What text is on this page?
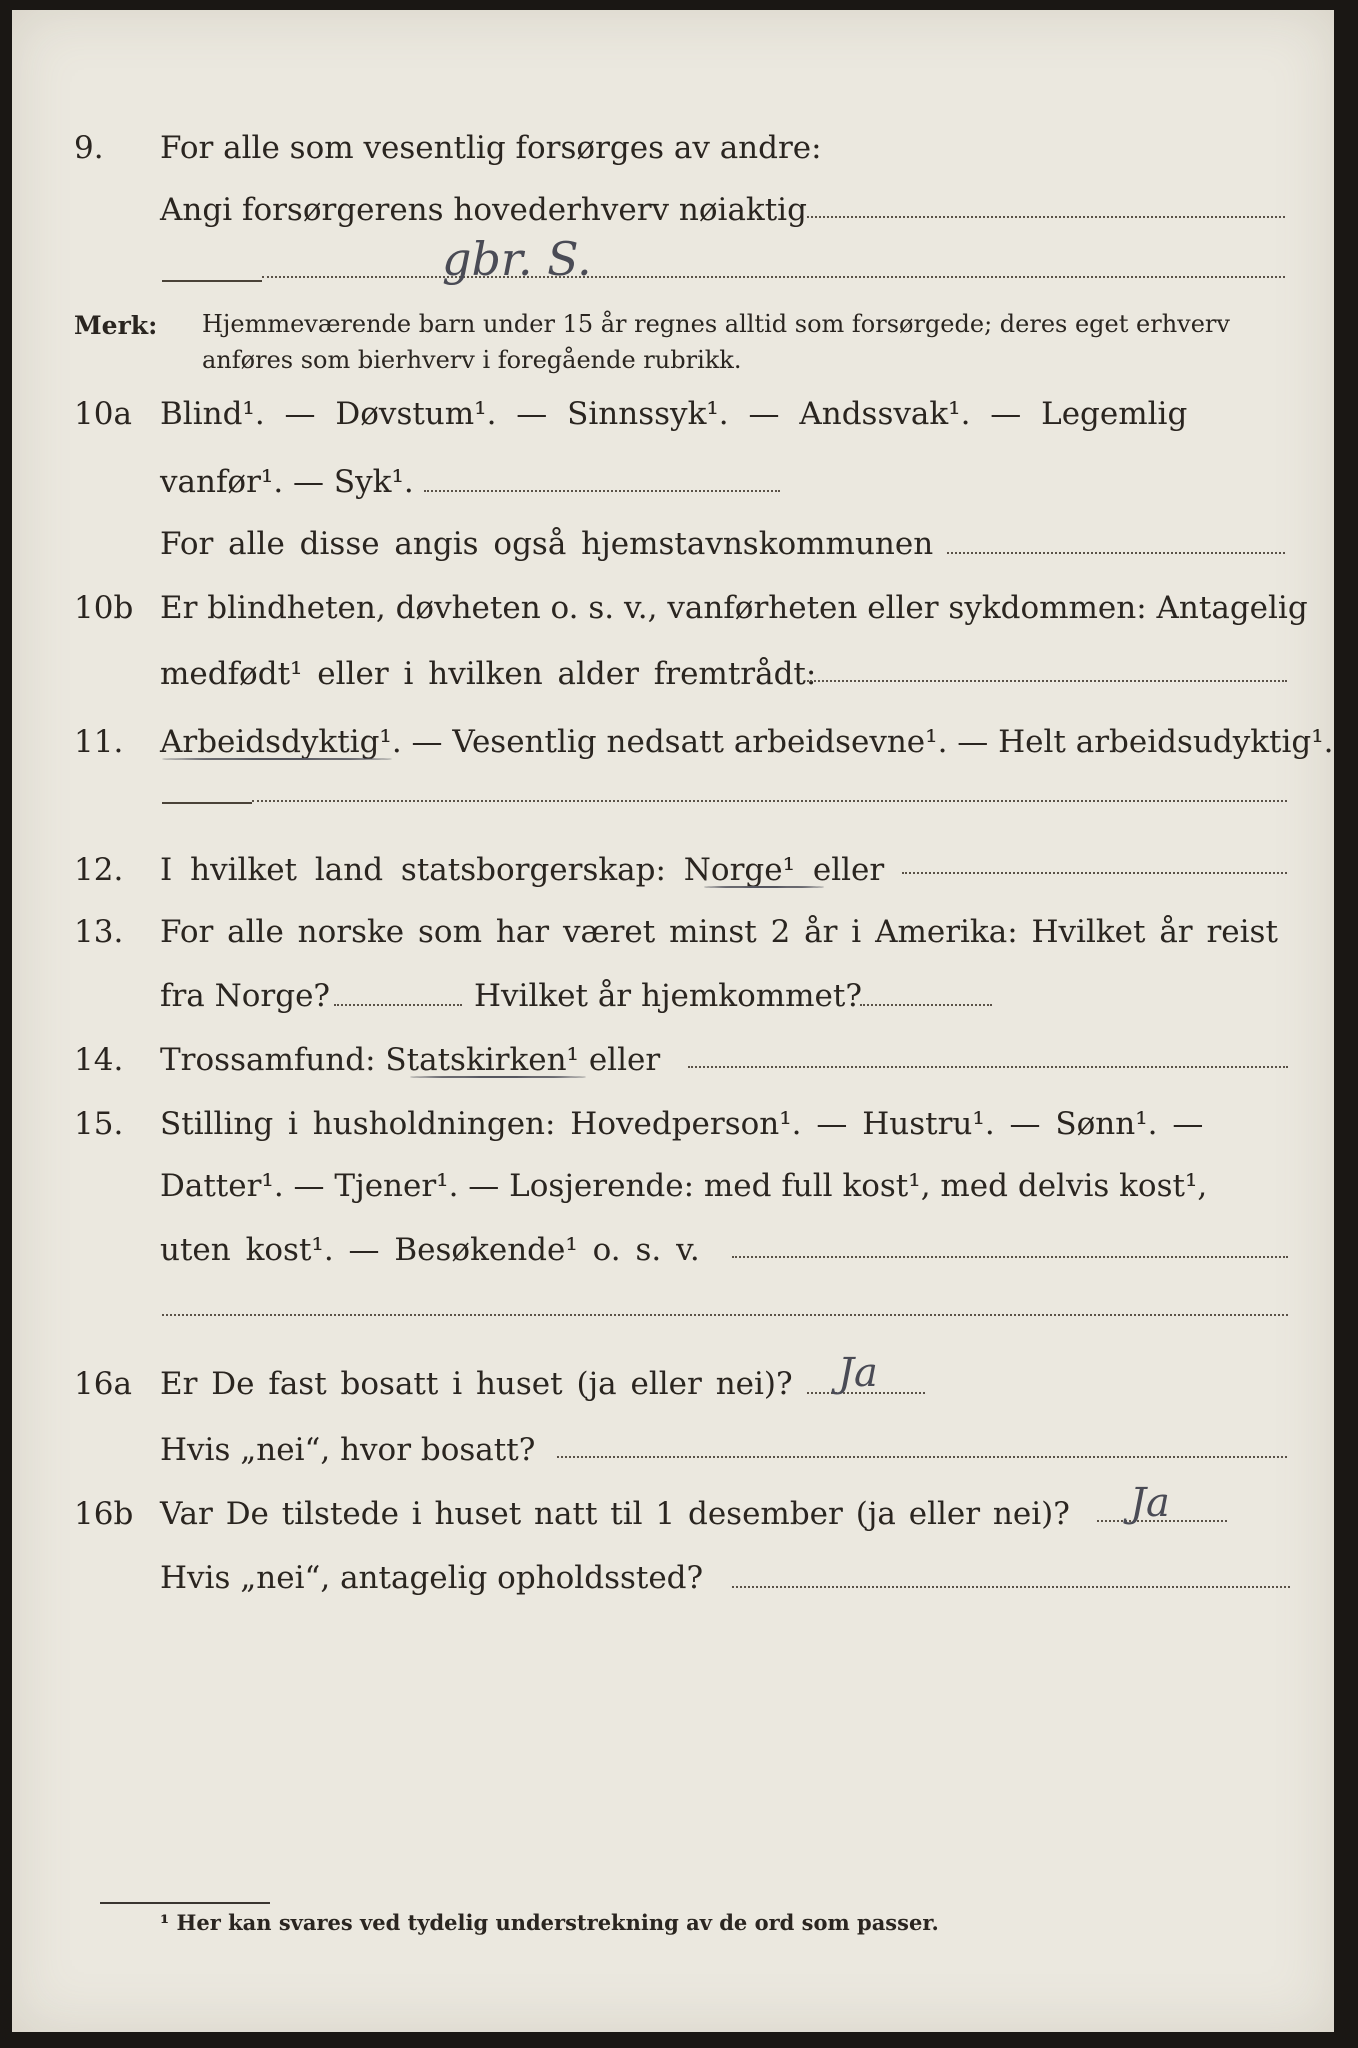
9. For alle som vesentlig forsørges av andre:
Angi forsørgerens hovederhverv nøiaktig
gbr. S.
Merk: Hjemmeværende barn under 15 år regnes alltid som forsørgede; deres eget erhverv
anføres som bierhverv i foregående rubrikk.
10a Blind¹. — Døvstum¹. — Sinnssyk¹. — Andssvak¹. — Legemlig
vanfør¹. — Syk¹.
For alle disse angis også hjemstavnskommunen
10b Er blindheten, døvheten o. s. v., vanførheten eller sykdommen: Antagelig
medfødt¹ eller i hvilken alder fremtrådt:
11. Arbeidsdyktig¹. — Vesentlig nedsatt arbeidsevne¹. — Helt arbeidsudyktig¹.
12. I hvilket land statsborgerskap: Norge¹ eller
13. For alle norske som har været minst 2 år i Amerika: Hvilket år reist
fra Norge?	Hvilket år hjemkommet?
14. Trossamfund: Statskirken¹ eller
15. Stilling i husholdningen: Hovedperson¹. — Hustru¹. — Sønn¹. —
Datter¹. — Tjener¹. — Losjerende: med full kost¹, med delvis kost¹,
uten kost¹. — Besøkende¹ o. s. v.
16a Er De fast bosatt i huset (ja eller nei)? Ja
Hvis „nei“, hvor bosatt?
16b Var De tilstede i huset natt til 1 desember (ja eller nei)? Ja
Hvis „nei“, antagelig opholdssted?
¹ Her kan svares ved tydelig understrekning av de ord som passer.
